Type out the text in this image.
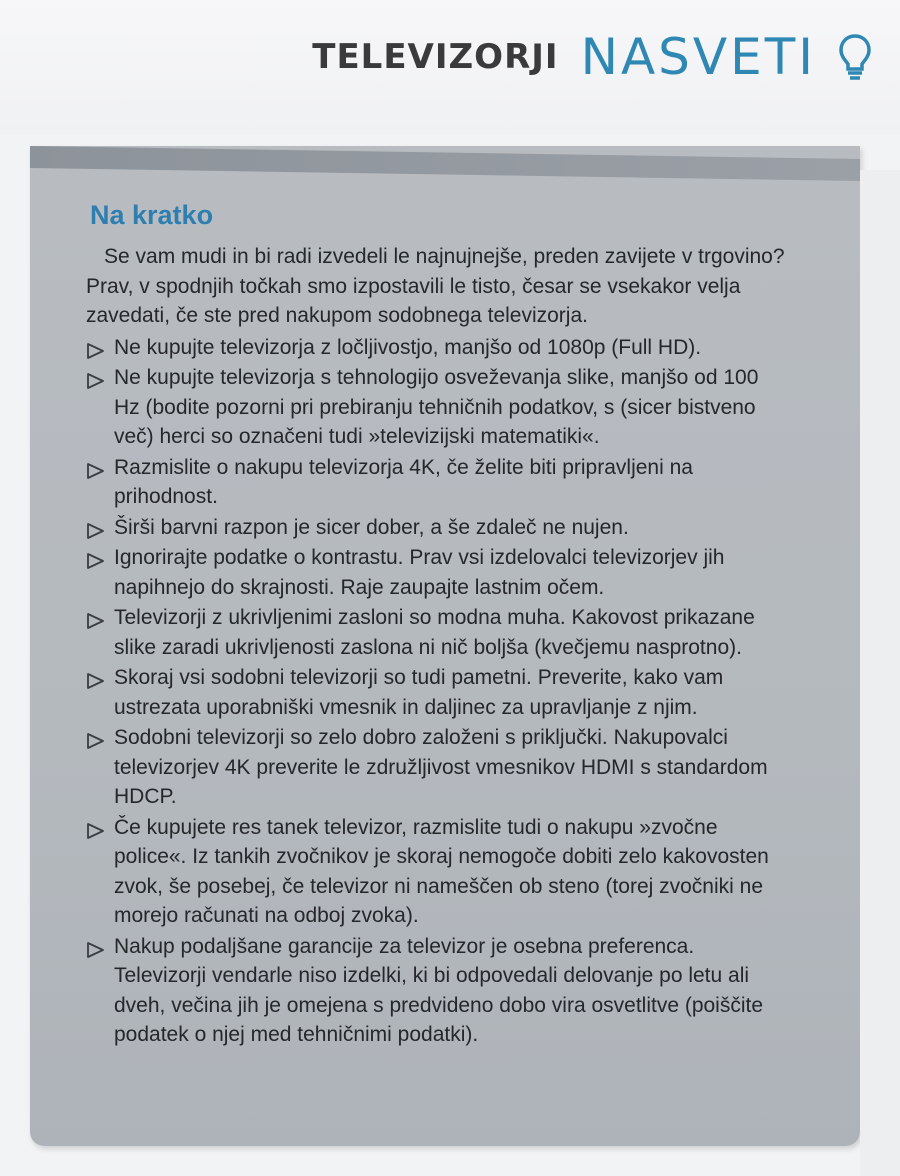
TELEVIZORJI NASVETI
Na kratko

Se vam mudi in bi radi izvedeli le najnujnejše, preden zavijete v trgovino? Prav, v spodnjih točkah smo izpostavili le tisto, česar se vsekakor velja zavedati, če ste pred nakupom sodobnega televizorja.

Ne kupujte televizorja z ločljivostjo, manjšo od 1080p (Full HD).
Ne kupujte televizorja s tehnologijo osveževanja slike, manjšo od 100 Hz (bodite pozorni pri prebiranju tehničnih podatkov, s (sicer bistveno več) herci so označeni tudi »televizijski matematiki«.
Razmislite o nakupu televizorja 4K, če želite biti pripravljeni na prihodnost.
Širši barvni razpon je sicer dober, a še zdaleč ne nujen.
Ignorirajte podatke o kontrastu. Prav vsi izdelovalci televizorjev jih napihnejo do skrajnosti. Raje zaupajte lastnim očem.
Televizorji z ukrivljenimi zasloni so modna muha. Kakovost prikazane slike zaradi ukrivljenosti zaslona ni nič boljša (kvečjemu nasprotno).
Skoraj vsi sodobni televizorji so tudi pametni. Preverite, kako vam ustrezata uporabniški vmesnik in daljinec za upravljanje z njim.
Sodobni televizorji so zelo dobro založeni s priključki. Nakupovalci televizorjev 4K preverite le združljivost vmesnikov HDMI s standardom HDCP.
Če kupujete res tanek televizor, razmislite tudi o nakupu »zvočne police«. Iz tankih zvočnikov je skoraj nemogoče dobiti zelo kakovosten zvok, še posebej, če televizor ni nameščen ob steno (torej zvočniki ne morejo računati na odboj zvoka).
Nakup podaljšane garancije za televizor je osebna preferenca. Televizorji vendarle niso izdelki, ki bi odpovedali delovanje po letu ali dveh, večina jih je omejena s predvideno dobo vira osvetlitve (poiščite podatek o njej med tehničnimi podatki).
